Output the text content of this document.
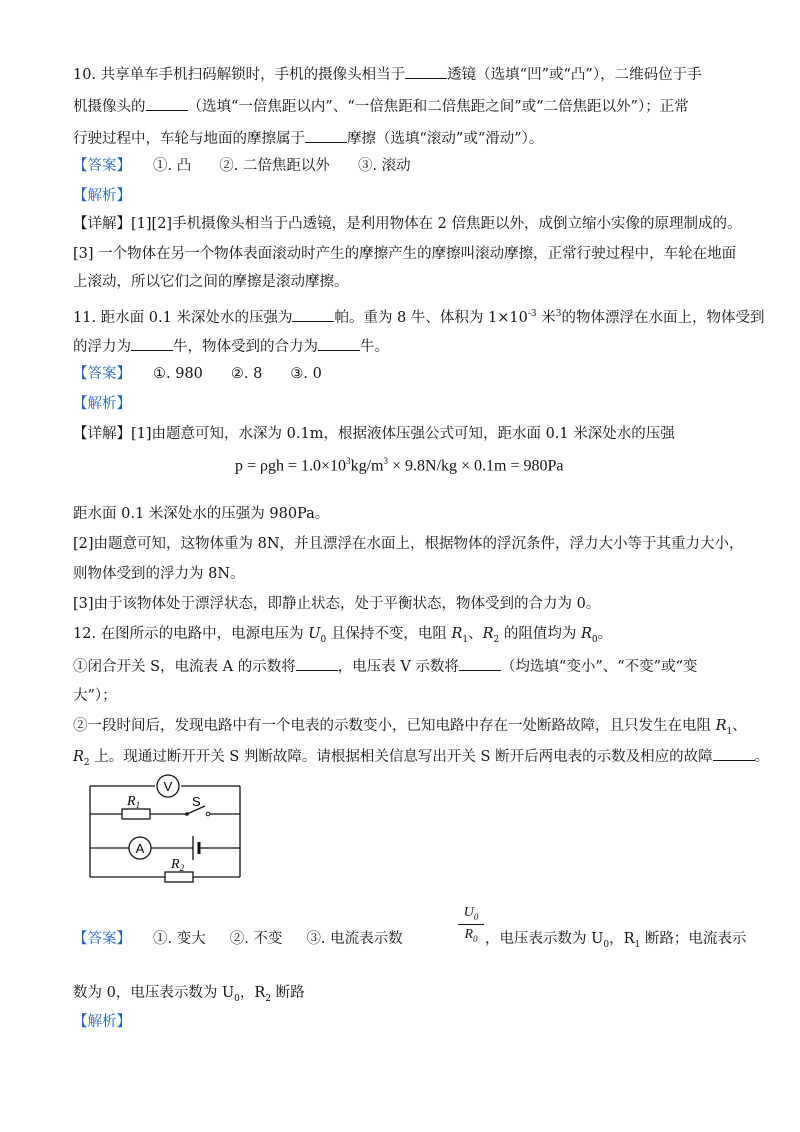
10. 共享单车手机扫码解锁时，手机的摄像头相当于	透镜（选填“凹”或“凸”），二维码位于手
机摄像头的	（选填“一倍焦距以内”、“一倍焦距和二倍焦距之间”或“二倍焦距以外”）；正常
行驶过程中，车轮与地面的摩擦属于	摩擦（选填“滚动”或“滑动”）。
【答案】 ①. 凸 ②. 二倍焦距以外 ③. 滚动
【解析】
【详解】[1][2]手机摄像头相当于凸透镜，是利用物体在 2 倍焦距以外，成倒立缩小实像的原理制成的。
[3] 一个物体在另一个物体表面滚动时产生的摩擦产生的摩擦叫滚动摩擦，正常行驶过程中，车轮在地面
上滚动，所以它们之间的摩擦是滚动摩擦。
11. 距水面 0.1 米深处水的压强为	帕。重为 8 牛、体积为 $1\times 10^{-3}$ 米$^3$的物体漂浮在水面上，物体受到
的浮力为	牛，物体受到的合力为	牛。
【答案】 ①. 980 ②. 8 ③. 0
【解析】
【详解】[1]由题意可知，水深为 0.1m，根据液体压强公式可知，距水面 0.1 米深处水的压强
$p = \rho gh = 1.0\times 10^3kg/m^3 \times 9.8N/kg \times 0.1m = 980Pa$
距水面 0.1 米深处水的压强为 980Pa。
[2]由题意可知，这物体重为 8N，并且漂浮在水面上，根据物体的浮沉条件，浮力大小等于其重力大小，
则物体受到的浮力为 8N。
[3]由于该物体处于漂浮状态，即静止状态，处于平衡状态，物体受到的合力为 0。
12. 在图所示的电路中，电源电压为 $U_0$ 且保持不变，电阻 $R_1$、$R_2$ 的阻值均为 $R_0$。
①闭合开关 S，电流表 A 的示数将	，电压表 V 示数将	（均选填“变小”、“不变”或“变
大”）；
②一段时间后，发现电路中有一个电表的示数变小，已知电路中存在一处断路故障，且只发生在电阻 $R_1$、
$R_2$ 上。现通过断开开关 S 判断故障。请根据相关信息写出开关 S 断开后两电表的示数及相应的故障	。
V
A
$R_1$	S
$R_2$
【答案】 ①. 变大 ②. 不变 ③. 电流表示数
$U_0$
$R_0$ ，电压表示数为 $U_0$，$R_1$ 断路；电流表示
数为 0，电压表示数为 $U_0$，$R_2$ 断路
【解析】
